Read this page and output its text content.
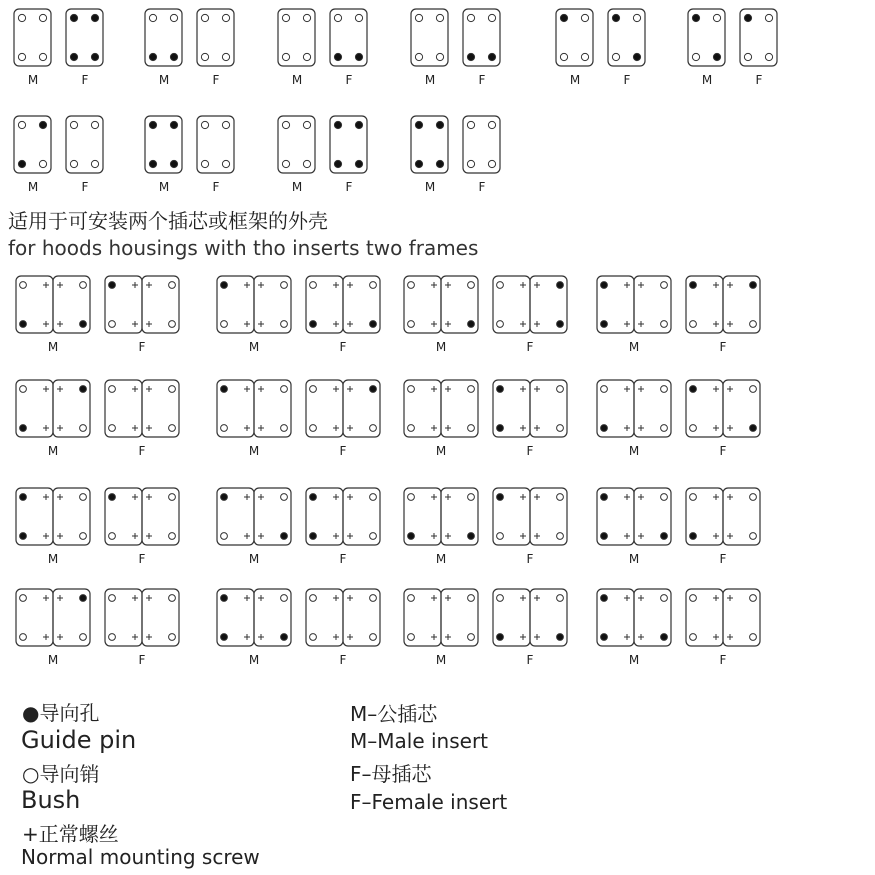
M	F	M	F	M	F	M	F	M	F	M	F
M	F	M	F	M	F	M	F
M	F	M	F	M	F	M	F
M	F	M	F	M	F	M	F
M	F	M	F	M	F	M	F
M	F	M	F	M	F	M	F
适用于可安装两个插芯或框架的外壳
for hoods housings with tho inserts two frames
●导向孔
Guide pin
○导向销
Bush
+正常螺丝
Normal mounting screw
M–公插芯
M–Male insert
F–母插芯
F–Female insert
